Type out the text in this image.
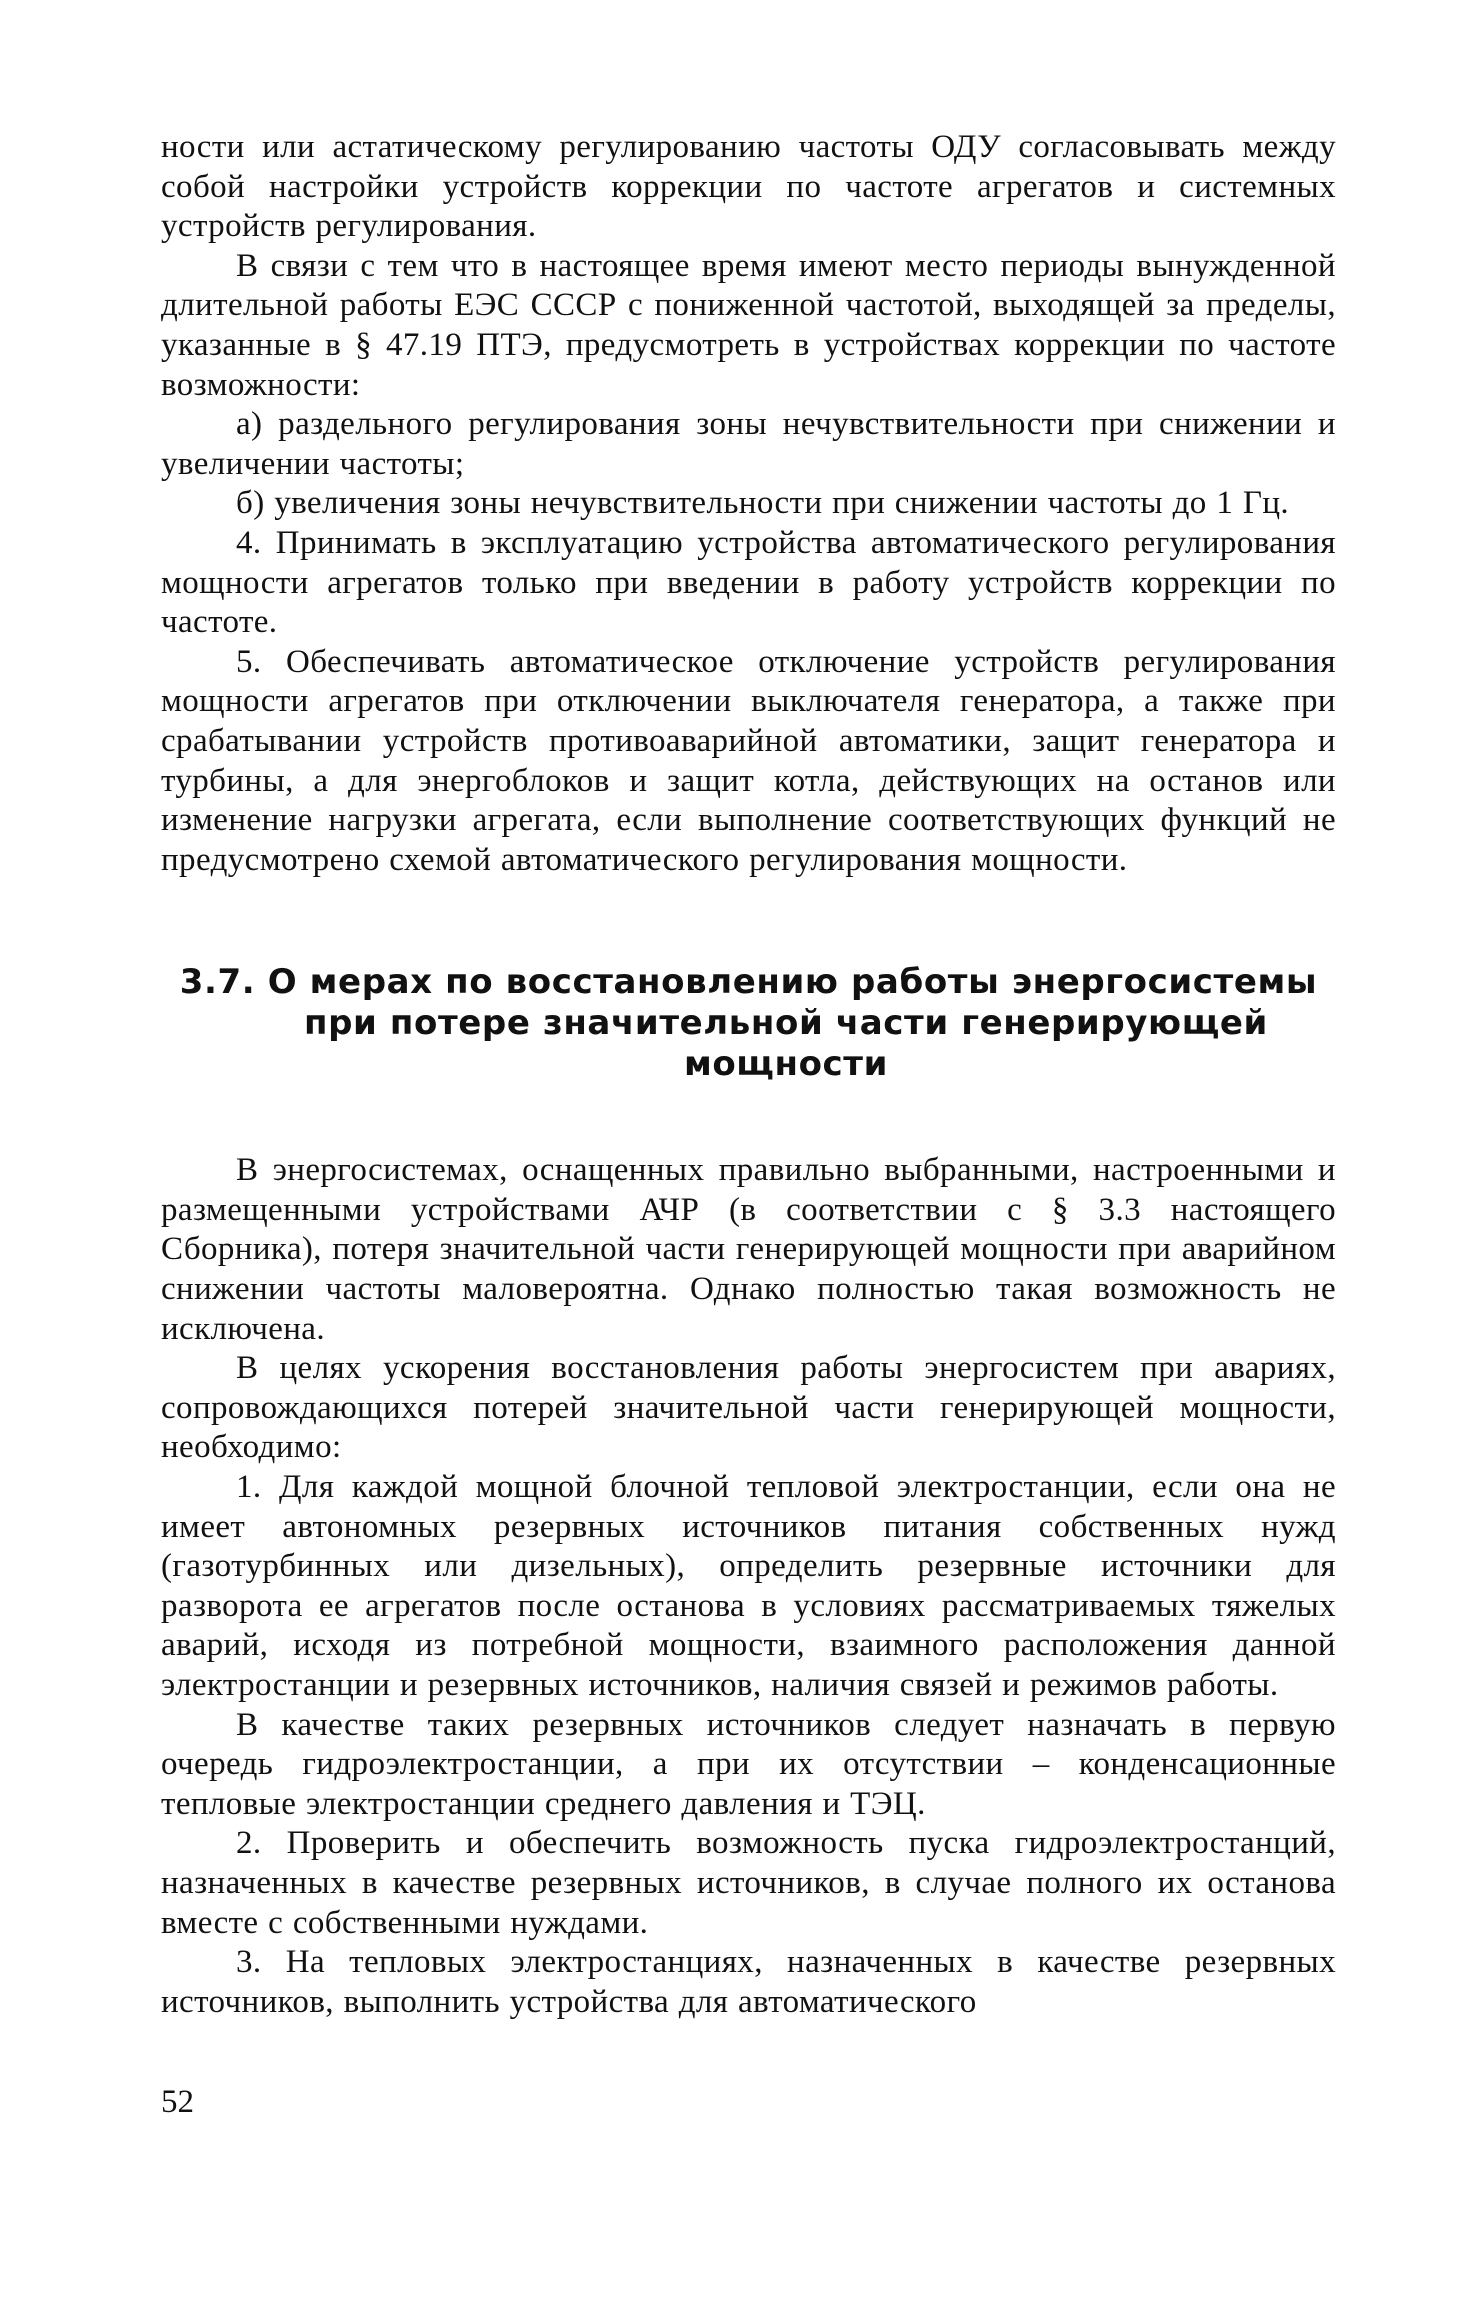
ности или астатическому регулированию частоты ОДУ согласовывать между собой настройки устройств коррекции по частоте агрегатов и системных устройств регулирования.

В связи с тем что в настоящее время имеют место периоды вынужденной длительной работы ЕЭС СССР с пониженной частотой, выходящей за пределы, указанные в § 47.19 ПТЭ, предусмотреть в устройствах коррекции по частоте возможности:

а) раздельного регулирования зоны нечувствительности при снижении и увеличении частоты;

б) увеличения зоны нечувствительности при снижении частоты до 1 Гц.

4. Принимать в эксплуатацию устройства автоматического регулирования мощности агрегатов только при введении в работу устройств коррекции по частоте.

5. Обеспечивать автоматическое отключение устройств регулирования мощности агрегатов при отключении выключателя генератора, а также при срабатывании устройств противоаварийной автоматики, защит генератора и турбины, а для энергоблоков и защит котла, действующих на останов или изменение нагрузки агрегата, если выполнение соответствующих функций не предусмотрено схемой автоматического регулирования мощности.

3.7. О мерах по восстановлению работы энергосистемы при потере значительной части генерирующей мощности

В энергосистемах, оснащенных правильно выбранными, настроенными и размещенными устройствами АЧР (в соответствии с § 3.3 настоящего Сборника), потеря значительной части генерирующей мощности при аварийном снижении частоты маловероятна. Однако полностью такая возможность не исключена.

В целях ускорения восстановления работы энергосистем при авариях, сопровождающихся потерей значительной части генерирующей мощности, необходимо:

1. Для каждой мощной блочной тепловой электростанции, если она не имеет автономных резервных источников питания собственных нужд (газотурбинных или дизельных), определить резервные источники для разворота ее агрегатов после останова в условиях рассматриваемых тяжелых аварий, исходя из потребной мощности, взаимного расположения данной электростанции и резервных источников, наличия связей и режимов работы.

В качестве таких резервных источников следует назначать в первую очередь гидроэлектростанции, а при их отсутствии – конденсационные тепловые электростанции среднего давления и ТЭЦ.

2. Проверить и обеспечить возможность пуска гидроэлектростанций, назначенных в качестве резервных источников, в случае полного их останова вместе с собственными нуждами.

3. На тепловых электростанциях, назначенных в качестве резервных источников, выполнить устройства для автоматического

52
